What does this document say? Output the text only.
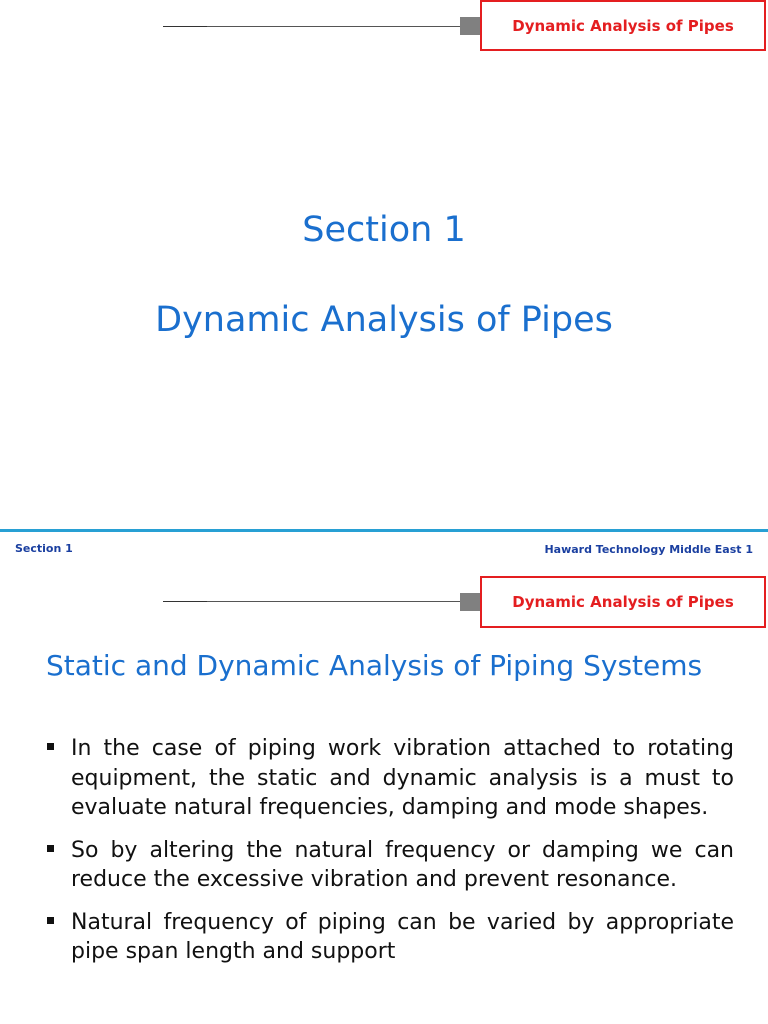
Dynamic Analysis of Pipes
Section 1
Dynamic Analysis of Pipes
Section 1	Haward Technology Middle East 1
Dynamic Analysis of Pipes
Static and Dynamic Analysis of Piping Systems
In the case of piping work vibration attached to rotating equipment, the static and dynamic analysis is a must to evaluate natural frequencies, damping and mode shapes.
So by altering the natural frequency or damping we can reduce the excessive vibration and prevent resonance.
Natural frequency of piping can be varied by appropriate pipe span length and support
